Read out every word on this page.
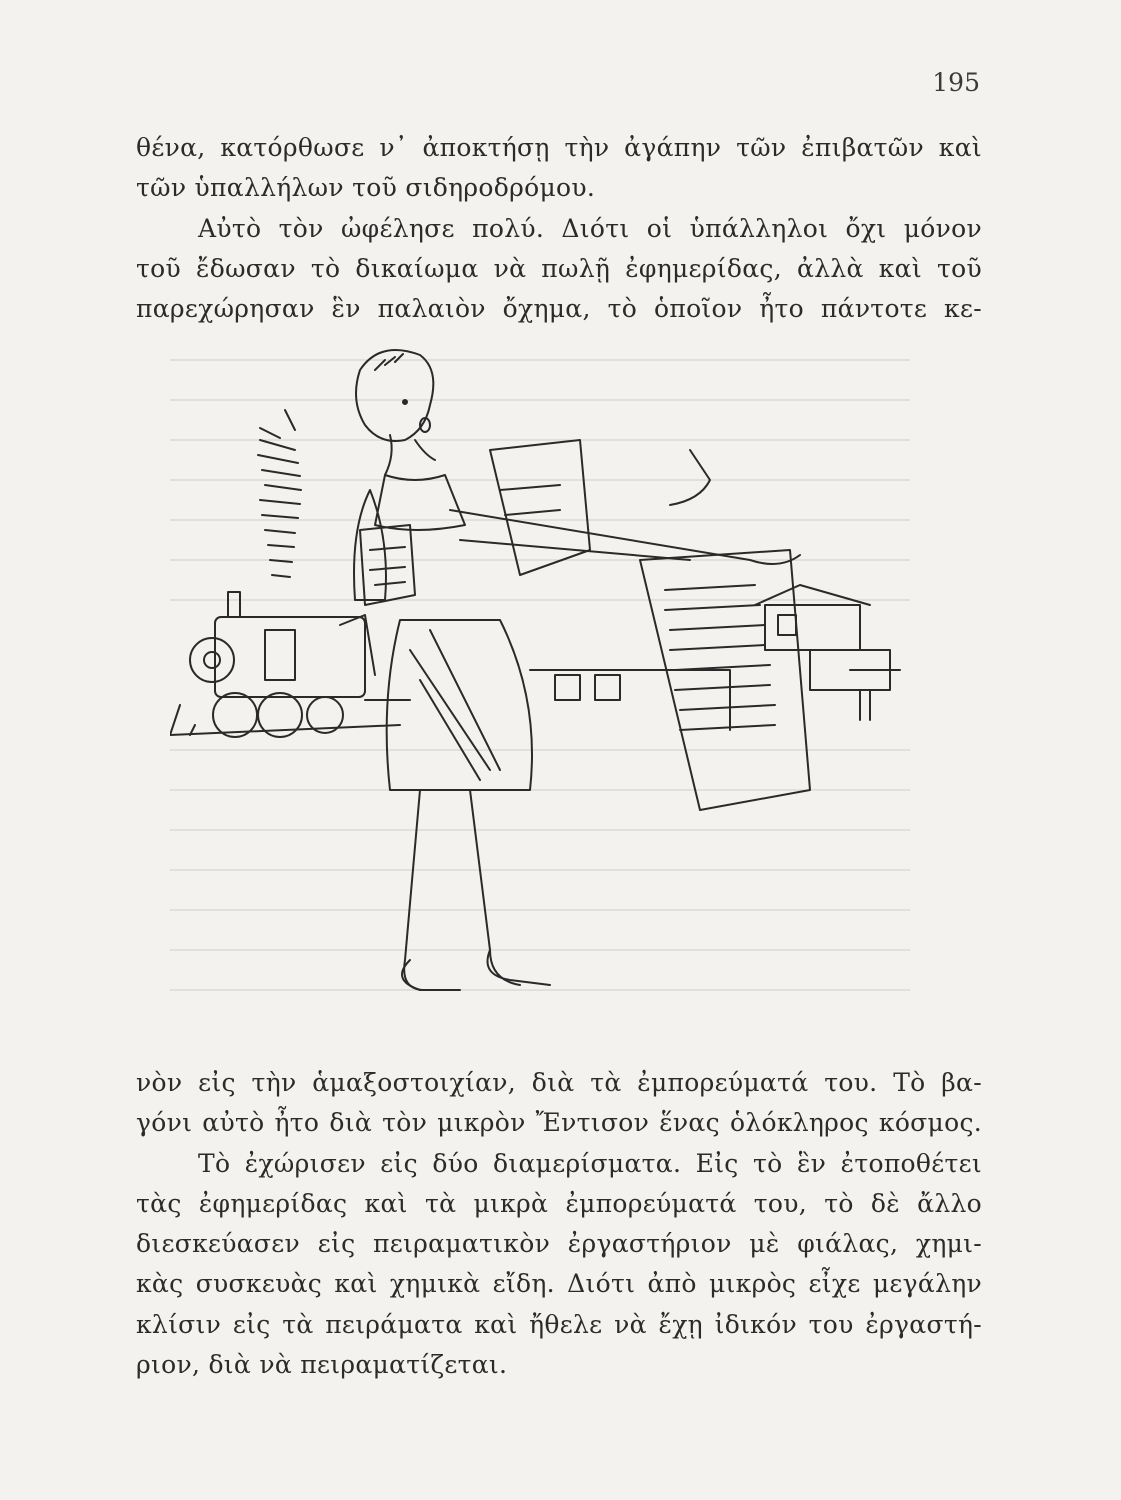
195
θένα, κατόρθωσε ν᾿ ἀποκτήσῃ τὴν ἀγάπην τῶν ἐπιβατῶν καὶ
τῶν ὑπαλλήλων τοῦ σιδηροδρόμου.
Αὐτὸ τὸν ὠφέλησε πολύ. Διότι οἱ ὑπάλληλοι ὄχι μόνον
τοῦ ἔδωσαν τὸ δικαίωμα νὰ πωλῇ ἐφημερίδας, ἀλλὰ καὶ τοῦ
παρεχώρησαν ἓν παλαιὸν ὄχημα, τὸ ὁποῖον ἦτο πάντοτε κε-
νὸν εἰς τὴν ἁμαξοστοιχίαν, διὰ τὰ ἐμπορεύματά του. Τὸ βα-
γόνι αὐτὸ ἦτο διὰ τὸν μικρὸν Ἔντισον ἕνας ὁλόκληρος κόσμος.
Τὸ ἐχώρισεν εἰς δύο διαμερίσματα. Εἰς τὸ ἓν ἐτοποθέτει
τὰς ἐφημερίδας καὶ τὰ μικρὰ ἐμπορεύματά του, τὸ δὲ ἄλλο
διεσκεύασεν εἰς πειραματικὸν ἐργαστήριον μὲ φιάλας, χημι-
κὰς συσκευὰς καὶ χημικὰ εἴδη. Διότι ἀπὸ μικρὸς εἶχε μεγάλην
κλίσιν εἰς τὰ πειράματα καὶ ἤθελε νὰ ἔχῃ ἰδικόν του ἐργαστή-
ριον, διὰ νὰ πειραματίζεται.
